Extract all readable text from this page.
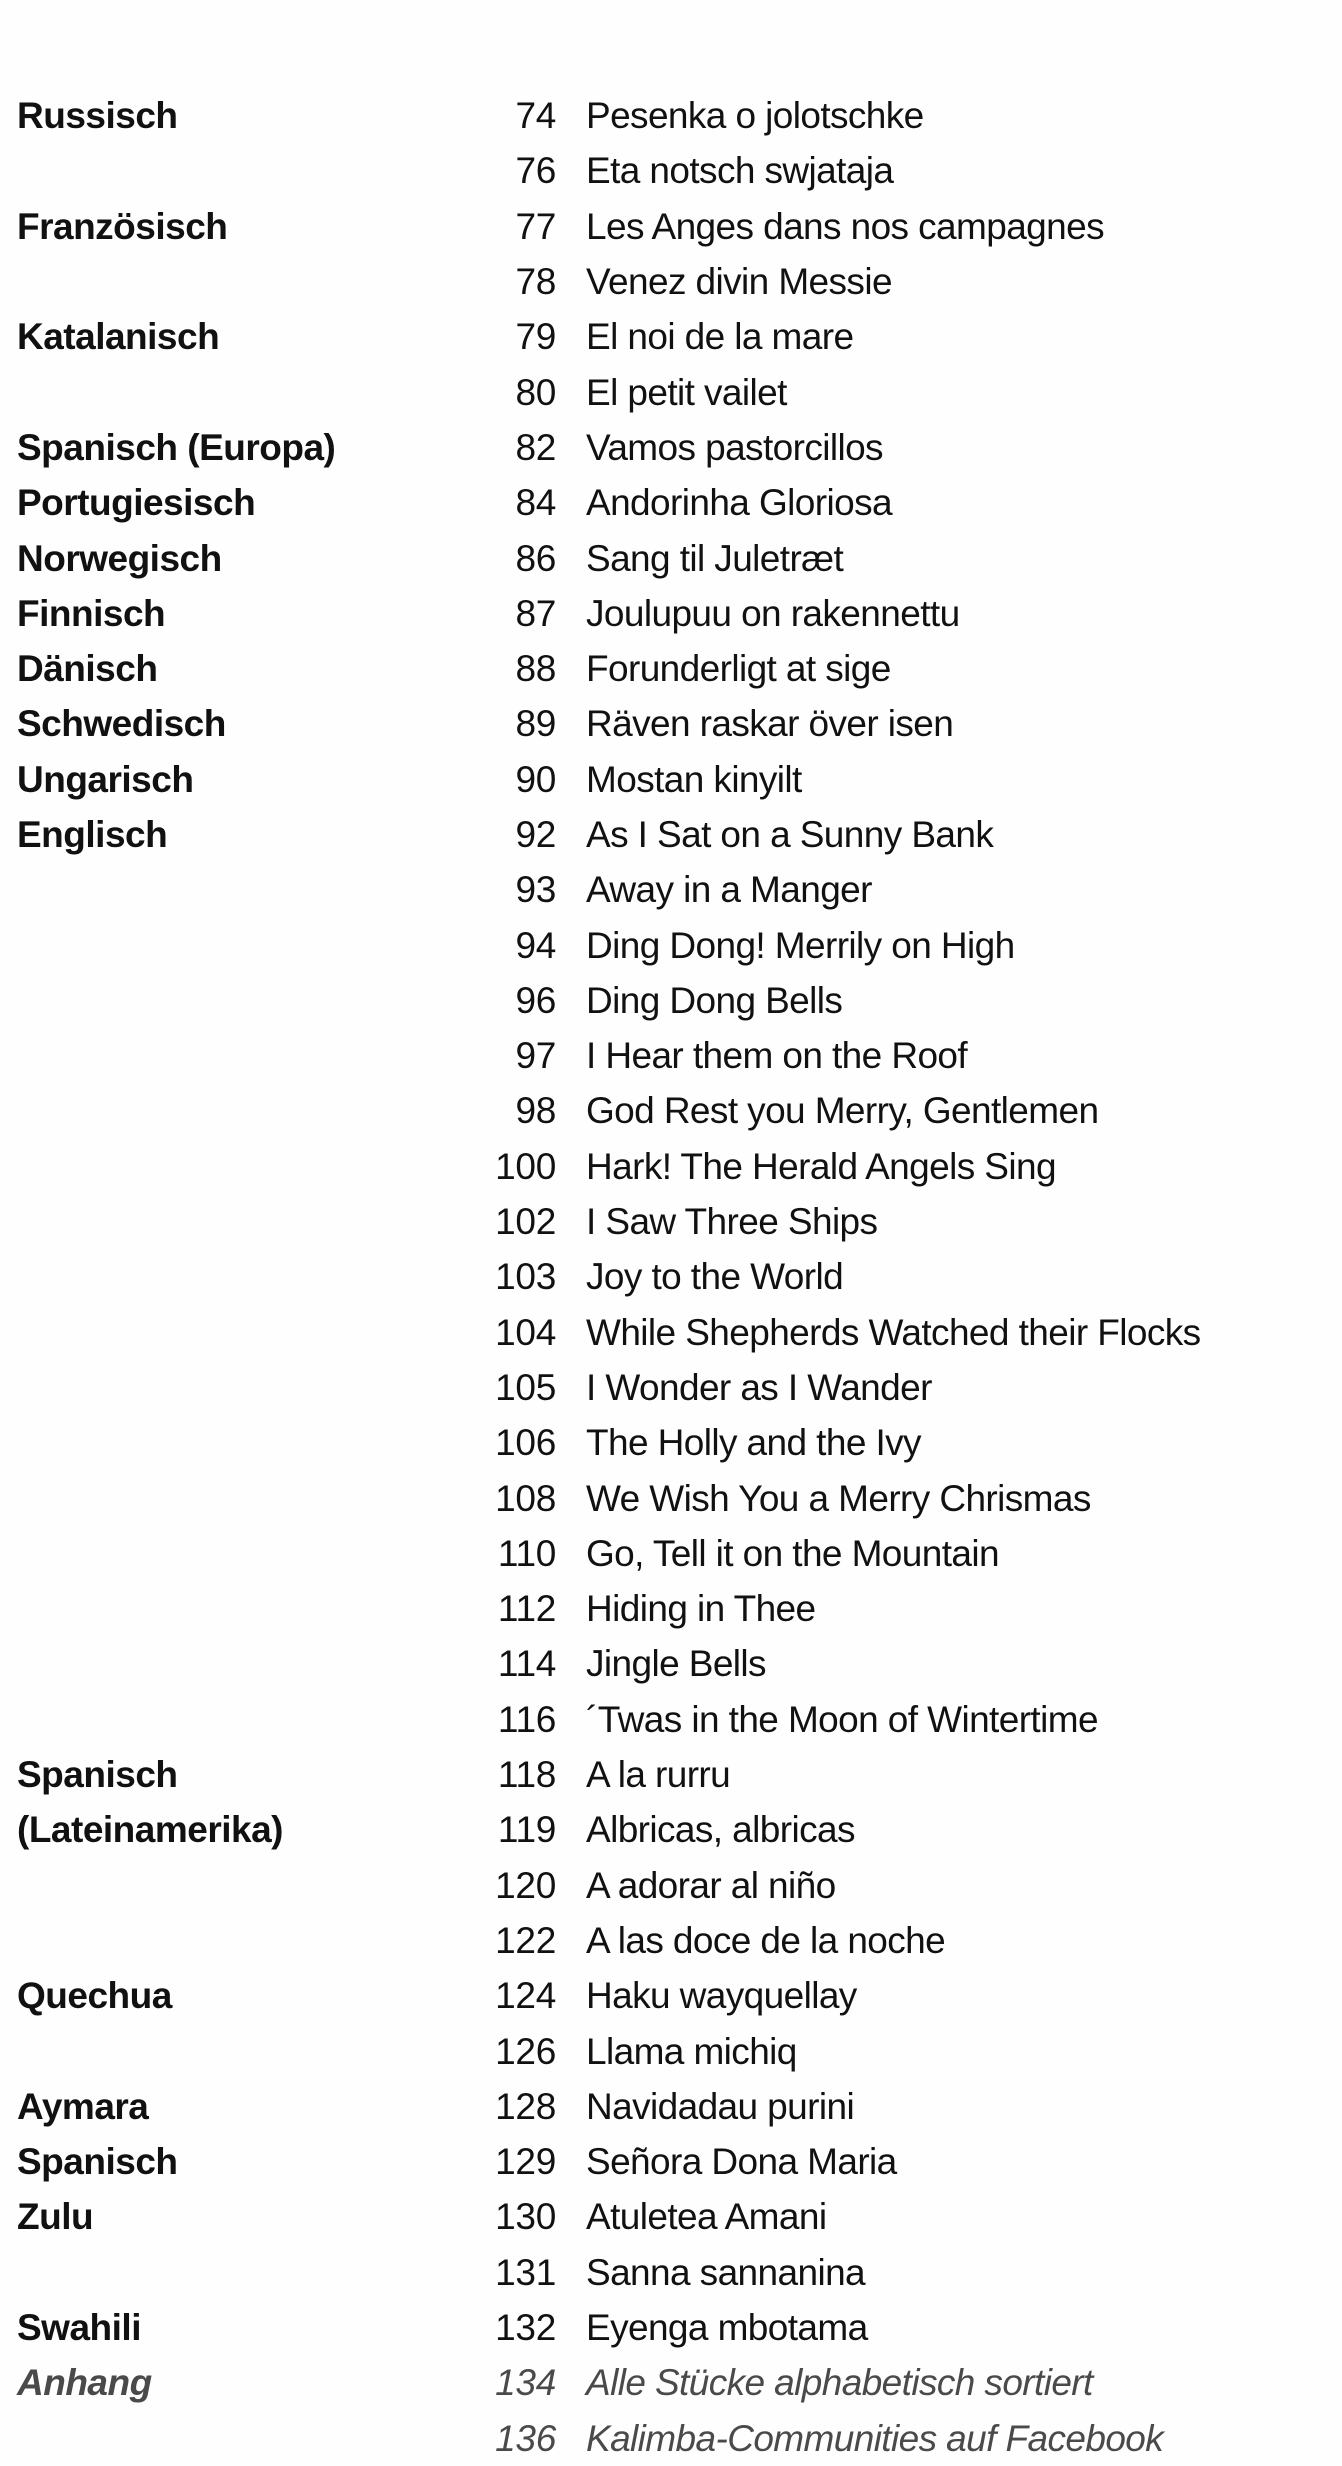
Russisch	74 Pesenka o jolotschke
76 Eta notsch swjataja
Französisch	77 Les Anges dans nos campagnes
78 Venez divin Messie
Katalanisch	79 El noi de la mare
80 El petit vailet
Spanisch (Europa)	82 Vamos pastorcillos
Portugiesisch	84 Andorinha Gloriosa
Norwegisch	86 Sang til Juletræt
Finnisch	87 Joulupuu on rakennettu
Dänisch	88 Forunderligt at sige
Schwedisch	89 Räven raskar över isen
Ungarisch	90 Mostan kinyilt
Englisch	92 As I Sat on a Sunny Bank
93 Away in a Manger
94 Ding Dong! Merrily on High
96 Ding Dong Bells
97 I Hear them on the Roof
98 God Rest you Merry, Gentlemen
100 Hark! The Herald Angels Sing
102 I Saw Three Ships
103 Joy to the World
104 While Shepherds Watched their Flocks
105 I Wonder as I Wander
106 The Holly and the Ivy
108 We Wish You a Merry Chrismas
110 Go, Tell it on the Mountain
112 Hiding in Thee
114 Jingle Bells
116 ´Twas in the Moon of Wintertime
Spanisch	118 A la rurru
(Lateinamerika)	119 Albricas, albricas
120 A adorar al niño
122 A las doce de la noche
Quechua	124 Haku wayquellay
126 Llama michiq
Aymara	128 Navidadau purini
Spanisch	129 Señora Dona Maria
Zulu	130 Atuletea Amani
131 Sanna sannanina
Swahili	132 Eyenga mbotama
Anhang	134 Alle Stücke alphabetisch sortiert
136 Kalimba-Communities auf Facebook
